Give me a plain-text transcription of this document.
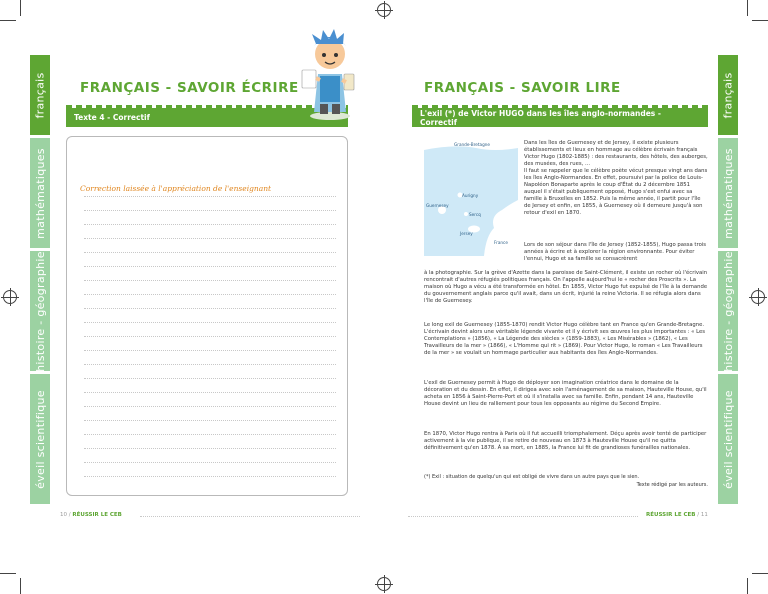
français
mathématiques
histoire - géographie
éveil scientifique
français
mathématiques
histoire - géographie
éveil scientifique
FRANÇAIS - SAVOIR ÉCRIRE
Texte 4 - Correctif
Correction laissée à l'appréciation de l'enseignant
10 / RÉUSSIR LE CEB
FRANÇAIS - SAVOIR LIRE
L'exil (*) de Victor HUGO dans les îles anglo-normandes - Correctif
Grande-Bretagne
Aurigny
Guernesey
Sercq
Jersey
France
Dans les îles de Guernesey et de Jersey, il existe plusieurs établissements et lieux en hommage au célèbre écrivain français Victor Hugo (1802-1885) : des restaurants, des hôtels, des auberges, des musées, des rues, ...
Il faut se rappeler que le célèbre poète vécut presque vingt ans dans les îles Anglo-Normandes. En effet, poursuivi par la police de Louis-Napoléon Bonaparte après le coup d'État du 2 décembre 1851 auquel il s'était publiquement opposé, Hugo s'est enfui avec sa famille à Bruxelles en 1852. Puis la même année, il partit pour l'île de Jersey et enfin, en 1855, à Guernesey où il demeure jusqu'à son retour d'exil en 1870.
Lors de son séjour dans l'île de Jersey (1852-1855), Hugo passa trois années à écrire et à explorer la région environnante. Pour éviter l'ennui, Hugo et sa famille se consacrèrent
à la photographie. Sur la grève d'Azette dans la paroisse de Saint-Clément, il existe un rocher où l'écrivain rencontrait d'autres réfugiés politiques français. On l'appelle aujourd'hui le « rocher des Proscrits ». La maison où Hugo a vécu a été transformée en hôtel. En 1855, Victor Hugo fut expulsé de l'île à la demande du gouvernement anglais parce qu'il avait, dans un écrit, injurié la reine Victoria. Il se réfugia alors dans l'île de Guernesey.
Le long exil de Guernesey (1855-1870) rendit Victor Hugo célèbre tant en France qu'en Grande-Bretagne. L'écrivain devint alors une véritable légende vivante et il y écrivit ses œuvres les plus importantes : « Les Contemplations » (1856), « La Légende des siècles » (1859-1883), « Les Misérables » (1862), « Les Travailleurs de la mer » (1866), « L'Homme qui rit » (1869). Pour Victor Hugo, le roman « Les Travailleurs de la mer » se voulait un hommage particulier aux habitants des îles Anglo-Normandes.
L'exil de Guernesey permit à Hugo de déployer son imagination créatrice dans le domaine de la décoration et du dessin. En effet, il dirigea avec soin l'aménagement de sa maison, Hauteville House, qu'il acheta en 1856 à Saint-Pierre-Port et où il s'installa avec sa famille. Enfin, pendant 14 ans, Hauteville House devint un lieu de ralliement pour tous les opposants au régime du Second Empire.
En 1870, Victor Hugo rentra à Paris où il fut accueilli triomphalement. Déçu après avoir tenté de participer activement à la vie publique, il se retire de nouveau en 1873 à Hauteville House qu'il ne quitta définitivement qu'en 1878. À sa mort, en 1885, la France lui fit de grandioses funérailles nationales.
(*) Exil : situation de quelqu'un qui est obligé de vivre dans un autre pays que le sien.
Texte rédigé par les auteurs.
RÉUSSIR LE CEB / 11
